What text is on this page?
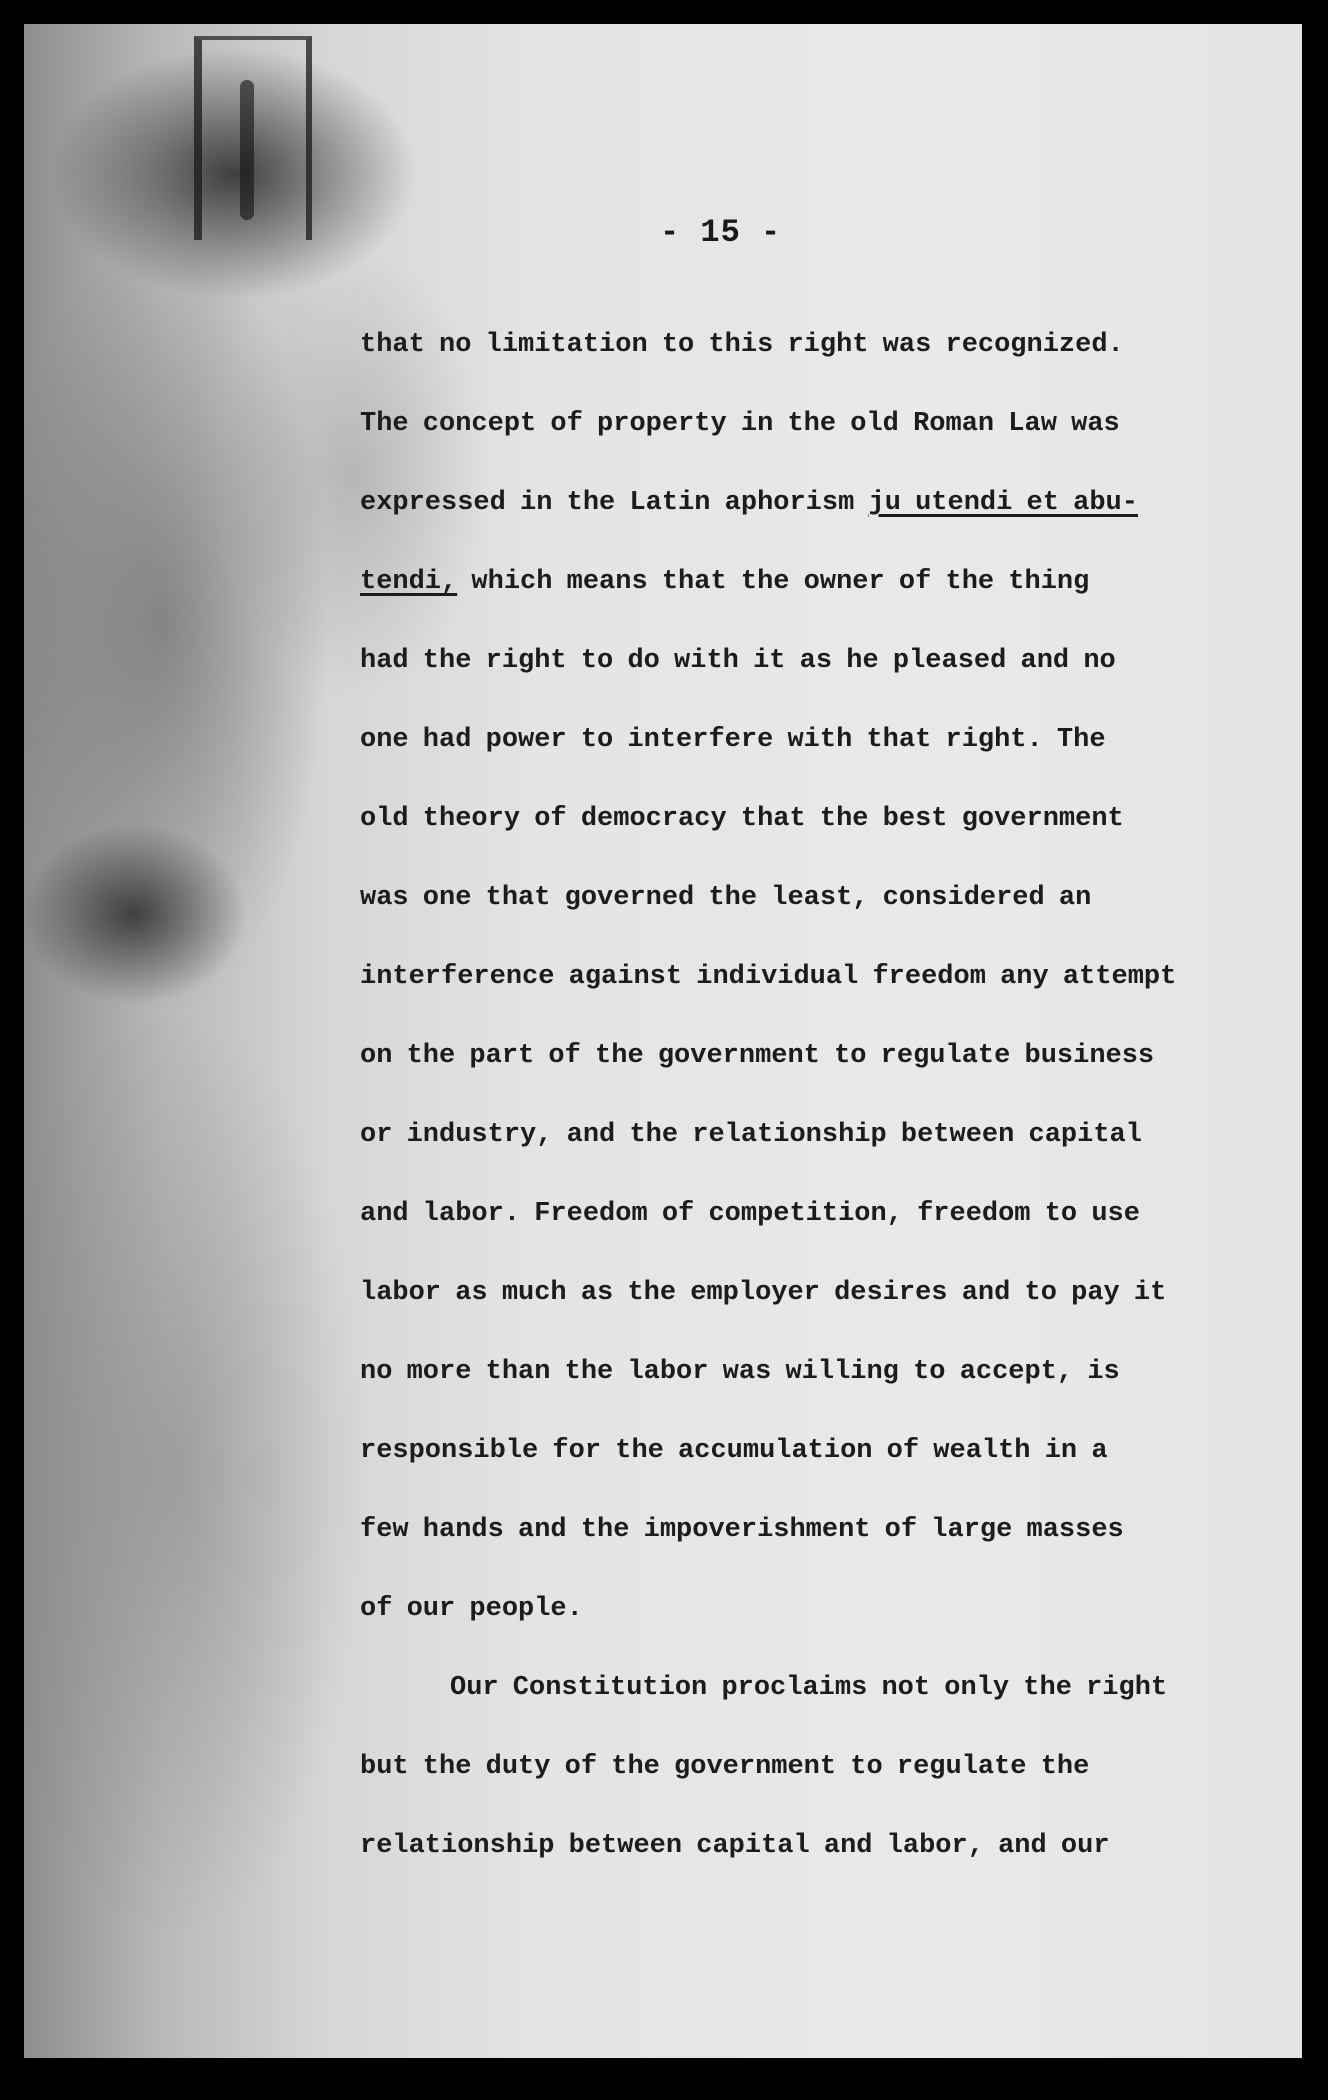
- 15 -
that no limitation to this right was recognized.
The concept of property in the old Roman Law was
expressed in the Latin aphorism ju utendi et abu-
tendi, which means that the owner of the thing
had the right to do with it as he pleased and no
one had power to interfere with that right. The
old theory of democracy that the best government
was one that governed the least, considered an
interference against individual freedom any attempt
on the part of the government to regulate business
or industry, and the relationship between capital
and labor. Freedom of competition, freedom to use
labor as much as the employer desires and to pay it
no more than the labor was willing to accept, is
responsible for the accumulation of wealth in a
few hands and the impoverishment of large masses
of our people.
Our Constitution proclaims not only the right
but the duty of the government to regulate the
relationship between capital and labor, and our
